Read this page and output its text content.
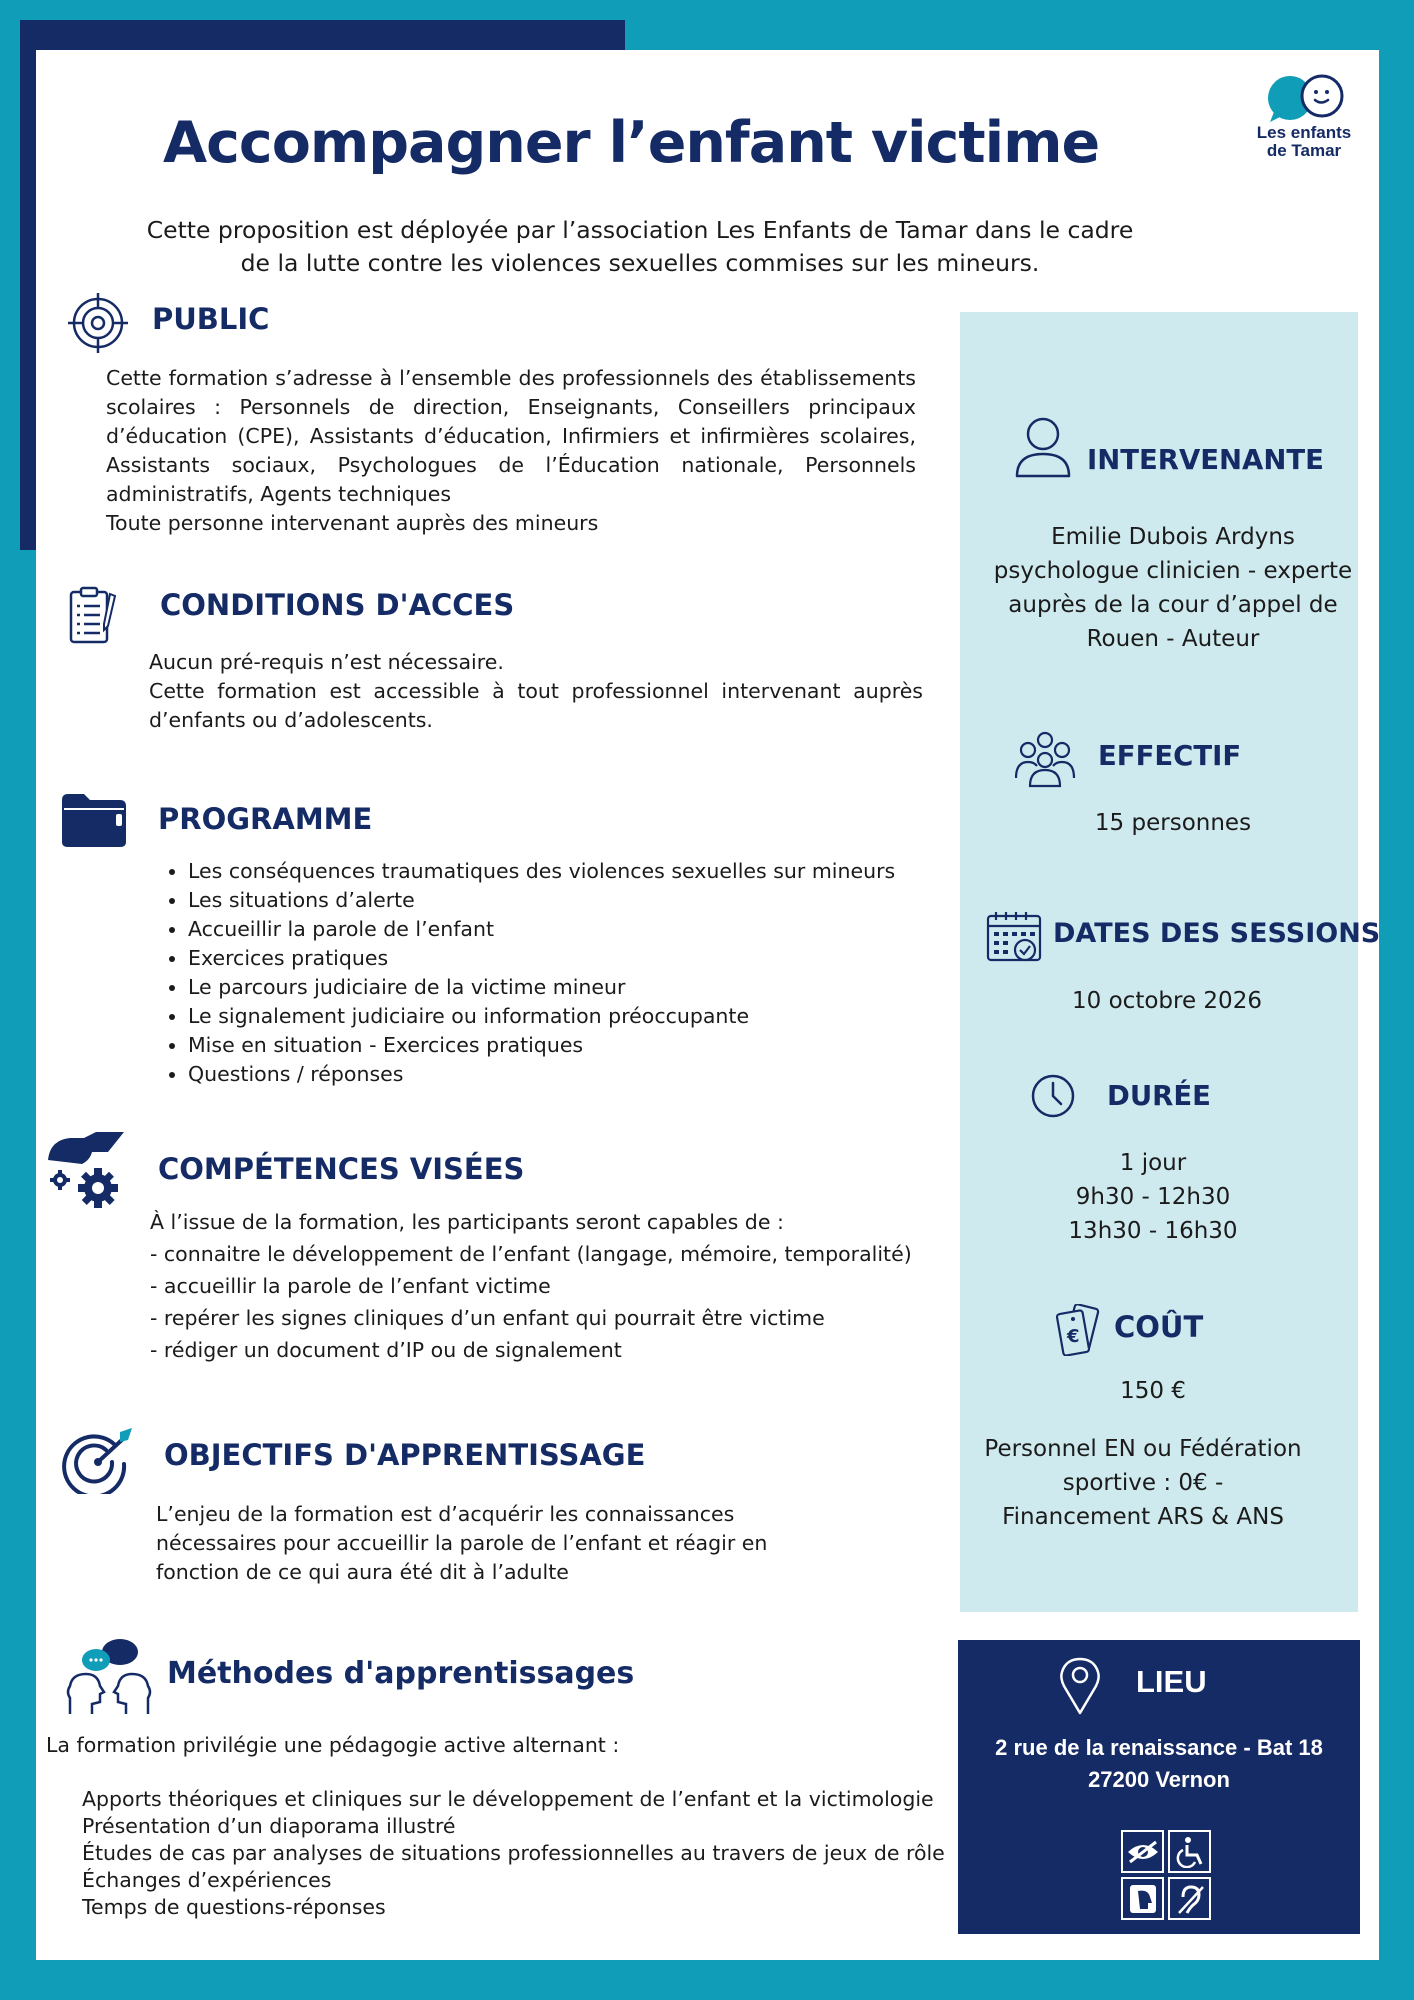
Les enfants
de Tamar
Accompagner l’enfant victime

Cette proposition est déployée par l’association Les Enfants de Tamar dans le cadre de la lutte contre les violences sexuelles commises sur les mineurs.

PUBLIC

Cette formation s’adresse à l’ensemble des professionnels des établissements scolaires : Personnels de direction, Enseignants, Conseillers principaux d’éducation (CPE), Assistants d’éducation, Infirmiers et infirmières scolaires, Assistants sociaux, Psychologues de l’Éducation nationale, Personnels administratifs, Agents techniques

Toute personne intervenant auprès des mineurs

CONDITIONS D'ACCES

Aucun pré-requis n’est nécessaire.

Cette formation est accessible à tout professionnel intervenant auprès d’enfants ou d’adolescents.

PROGRAMME
• Les conséquences traumatiques des violences sexuelles sur mineurs
• Les situations d’alerte
• Accueillir la parole de l’enfant
• Exercices pratiques
• Le parcours judiciaire de la victime mineur
• Le signalement judiciaire ou information préoccupante
• Mise en situation - Exercices pratiques
• Questions / réponses
COMPÉTENCES VISÉES
À l’issue de la formation, les participants seront capables de :
- connaitre le développement de l’enfant (langage, mémoire, temporalité)
- accueillir la parole de l’enfant victime
- repérer les signes cliniques d’un enfant qui pourrait être victime
- rédiger un document d’IP ou de signalement
OBJECTIFS D'APPRENTISSAGE
L’enjeu de la formation est d’acquérir les connaissances
nécessaires pour accueillir la parole de l’enfant et réagir en
fonction de ce qui aura été dit à l’adulte
Méthodes d'apprentissages

La formation privilégie une pédagogie active alternant :

Apports théoriques et cliniques sur le développement de l’enfant et la victimologie
Présentation d’un diaporama illustré
Études de cas par analyses de situations professionnelles au travers de jeux de rôle
Échanges d’expériences
Temps de questions-réponses
INTERVENANTE
Emilie Dubois Ardyns
psychologue clinicien - experte
auprès de la cour d’appel de
Rouen - Auteur
EFFECTIF
15 personnes
DATES DES SESSIONS
10 octobre 2026
DURÉE
1 jour
9h30 - 12h30
13h30 - 16h30
€ COÛT
150 €
Personnel EN ou Fédération
sportive : 0€ -
Financement ARS & ANS
LIEU
2 rue de la renaissance - Bat 18
27200 Vernon
